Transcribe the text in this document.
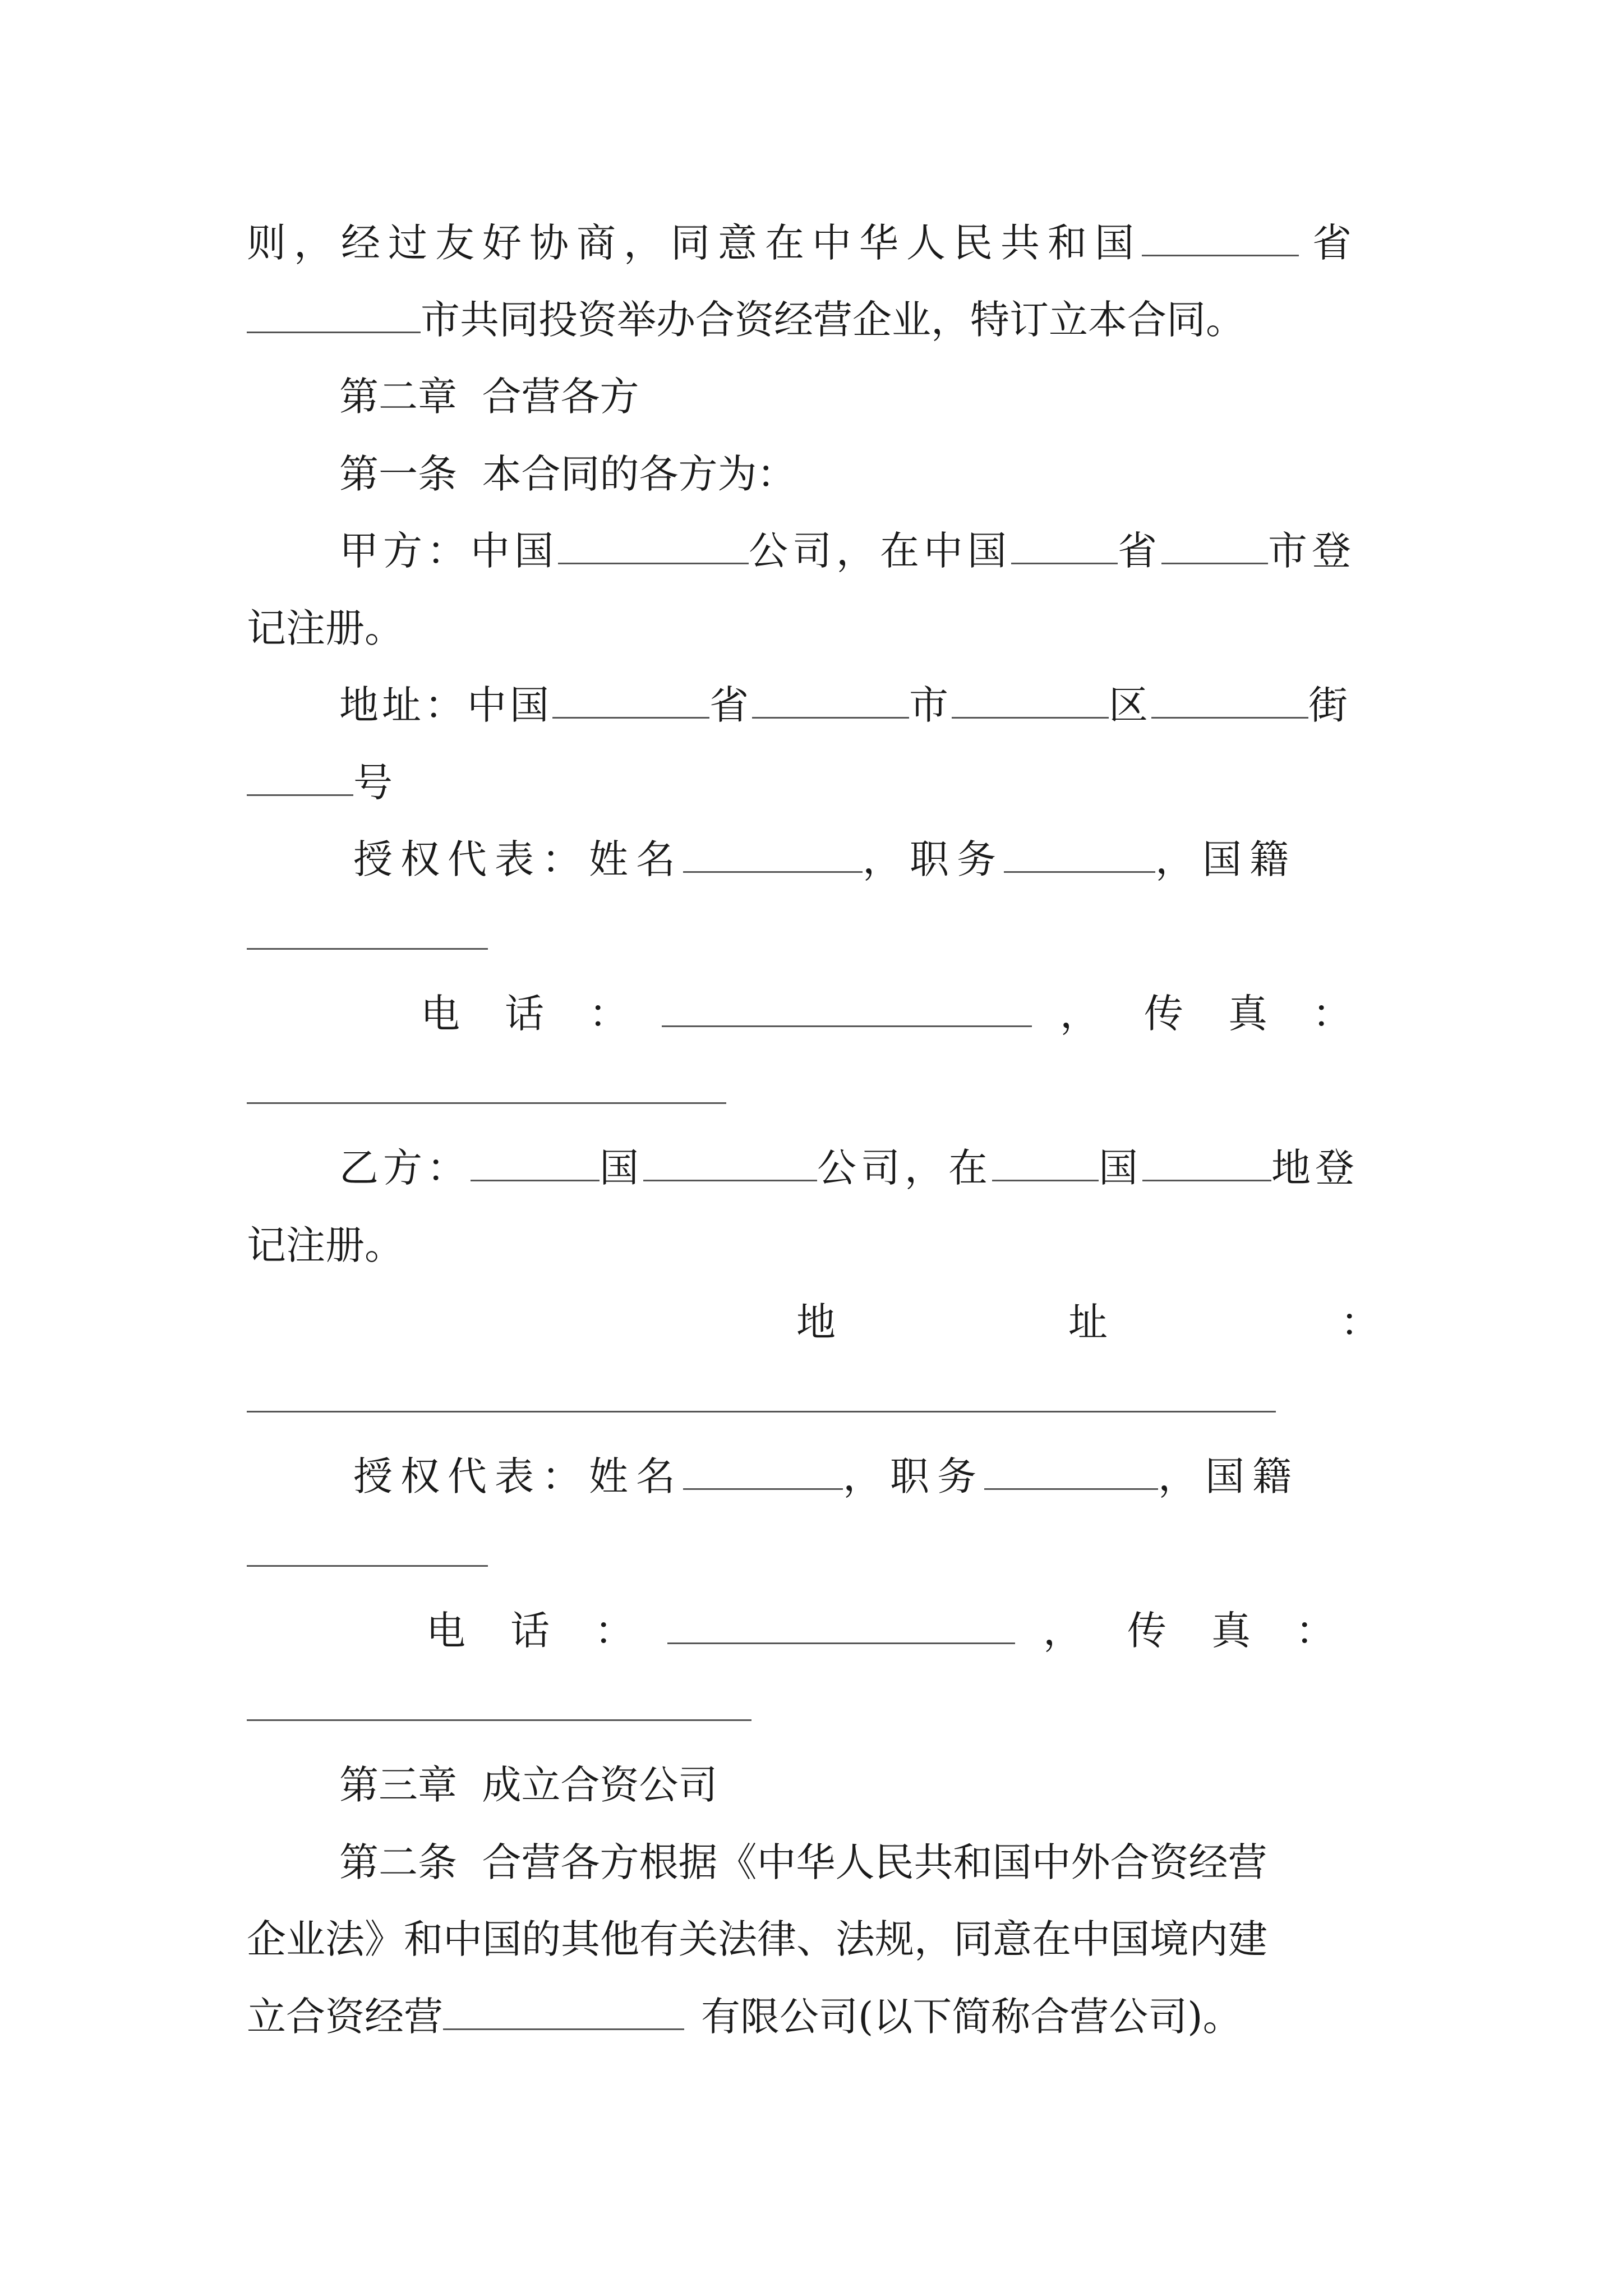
则，经过友好协商，同意在中华人民共和国	省
市共同投资举办合资经营企业，特订立本合同。
第二章  合营各方
第一条  本合同的各方为：
甲方：中国	公司，在中国	省	市登
记注册。
地址：中国	省	市	区	街
号
授权代表：姓名	，职务	，国籍
电 话 ：	， 传 真 ：
乙方：	国	公司，在	国	地登
记注册。
地	址	：
授权代表：姓名	，职务	，国籍
电 话 ：	， 传 真 ：
第三章  成立合资公司
第二条  合营各方根据《中华人民共和国中外合资经营
企业法》和中国的其他有关法律、法规，同意在中国境内建
立合资经营	有限公司(以下简称合营公司)。
